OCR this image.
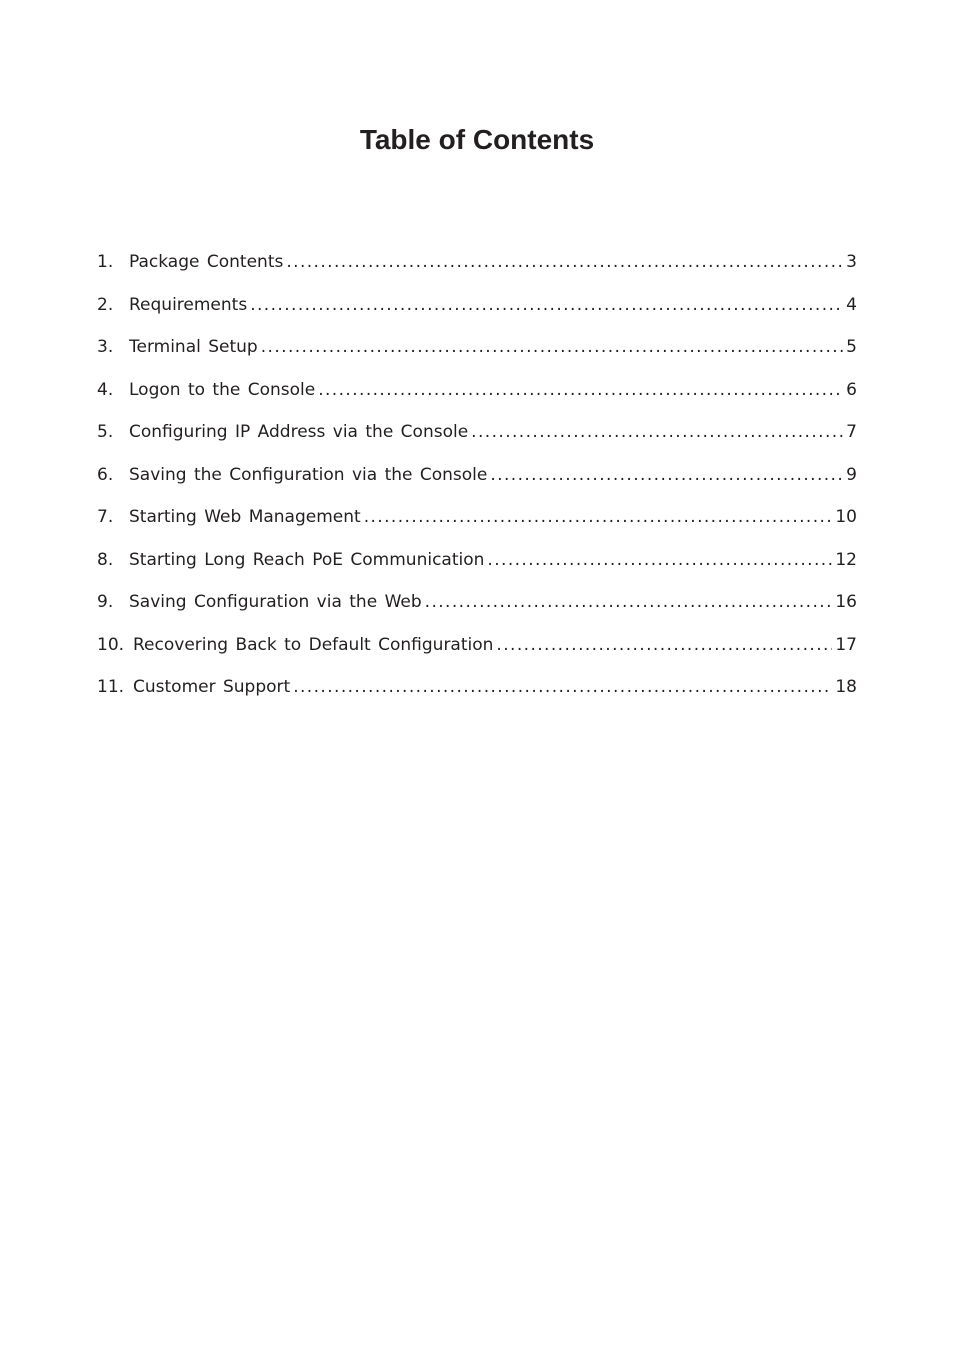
Table of Contents
1. Package Contents .....	3
2. Requirements .....	4
3. Terminal Setup .....	5
4. Logon to the Console .....	6
5. Configuring IP Address via the Console .....	7
6. Saving the Configuration via the Console .....	9
7. Starting Web Management .....	10
8. Starting Long Reach PoE Communication .....	12
9. Saving Configuration via the Web .....	16
10. Recovering Back to Default Configuration .....	17
11. Customer Support .....	18
